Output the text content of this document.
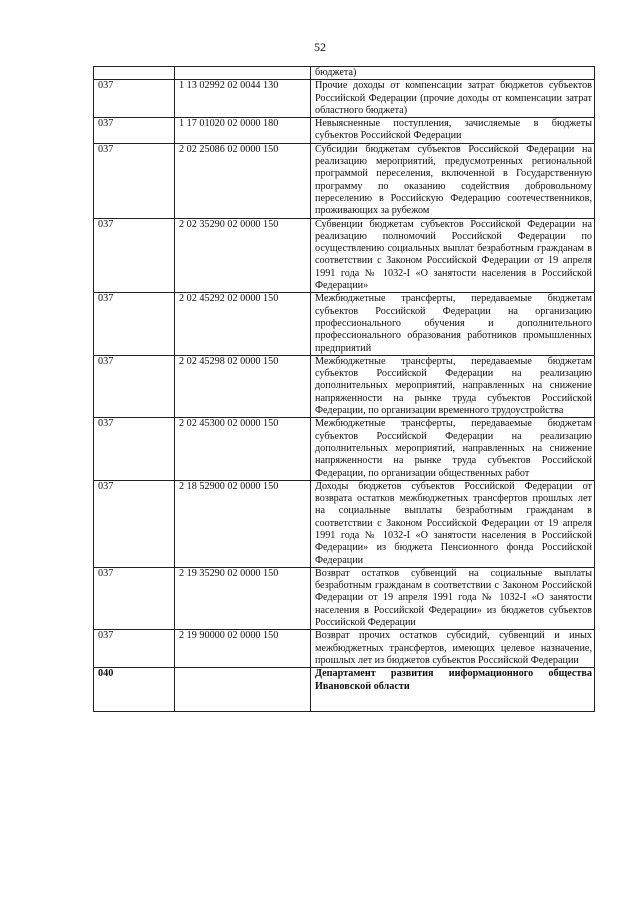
52
		бюджета)
037	1 13 02992 02 0044 130	Прочие доходы от компенсации затрат бюджетов субъектов Российской Федерации (прочие доходы от компенсации затрат областного бюджета)
037	1 17 01020 02 0000 180	Невыясненные поступления, зачисляемые в бюджеты субъектов Российской Федерации
037	2 02 25086 02 0000 150	Субсидии бюджетам субъектов Российской Федерации на реализацию мероприятий, предусмотренных региональной программой переселения, включенной в Государственную программу по оказанию содействия добровольному переселению в Российскую Федерацию соотечественников, проживающих за рубежом
037	2 02 35290 02 0000 150	Субвенции бюджетам субъектов Российской Федерации на реализацию полномочий Российской Федерации по осуществлению социальных выплат безработным гражданам в соответствии с Законом Российской Федерации от 19 апреля 1991 года № 1032-I «О занятости населения в Российской Федерации»
037	2 02 45292 02 0000 150	Межбюджетные трансферты, передаваемые бюджетам субъектов Российской Федерации на организацию профессионального обучения и дополнительного профессионального образования работников промышленных предприятий
037	2 02 45298 02 0000 150	Межбюджетные трансферты, передаваемые бюджетам субъектов Российской Федерации на реализацию дополнительных мероприятий, направленных на снижение напряженности на рынке труда субъектов Российской Федерации, по организации временного трудоустройства
037	2 02 45300 02 0000 150	Межбюджетные трансферты, передаваемые бюджетам субъектов Российской Федерации на реализацию дополнительных мероприятий, направленных на снижение напряженности на рынке труда субъектов Российской Федерации, по организации общественных работ
037	2 18 52900 02 0000 150	Доходы бюджетов субъектов Российской Федерации от возврата остатков межбюджетных трансфертов прошлых лет на социальные выплаты безработным гражданам в соответствии с Законом Российской Федерации от 19 апреля 1991 года № 1032-I «О занятости населения в Российской Федерации» из бюджета Пенсионного фонда Российской Федерации
037	2 19 35290 02 0000 150	Возврат остатков субвенций на социальные выплаты безработным гражданам в соответствии с Законом Российской Федерации от 19 апреля 1991 года № 1032-I «О занятости населения в Российской Федерации» из бюджетов субъектов Российской Федерации
037	2 19 90000 02 0000 150	Возврат прочих остатков субсидий, субвенций и иных межбюджетных трансфертов, имеющих целевое назначение, прошлых лет из бюджетов субъектов Российской Федерации
040		Департамент развития информационного общества Ивановской области
